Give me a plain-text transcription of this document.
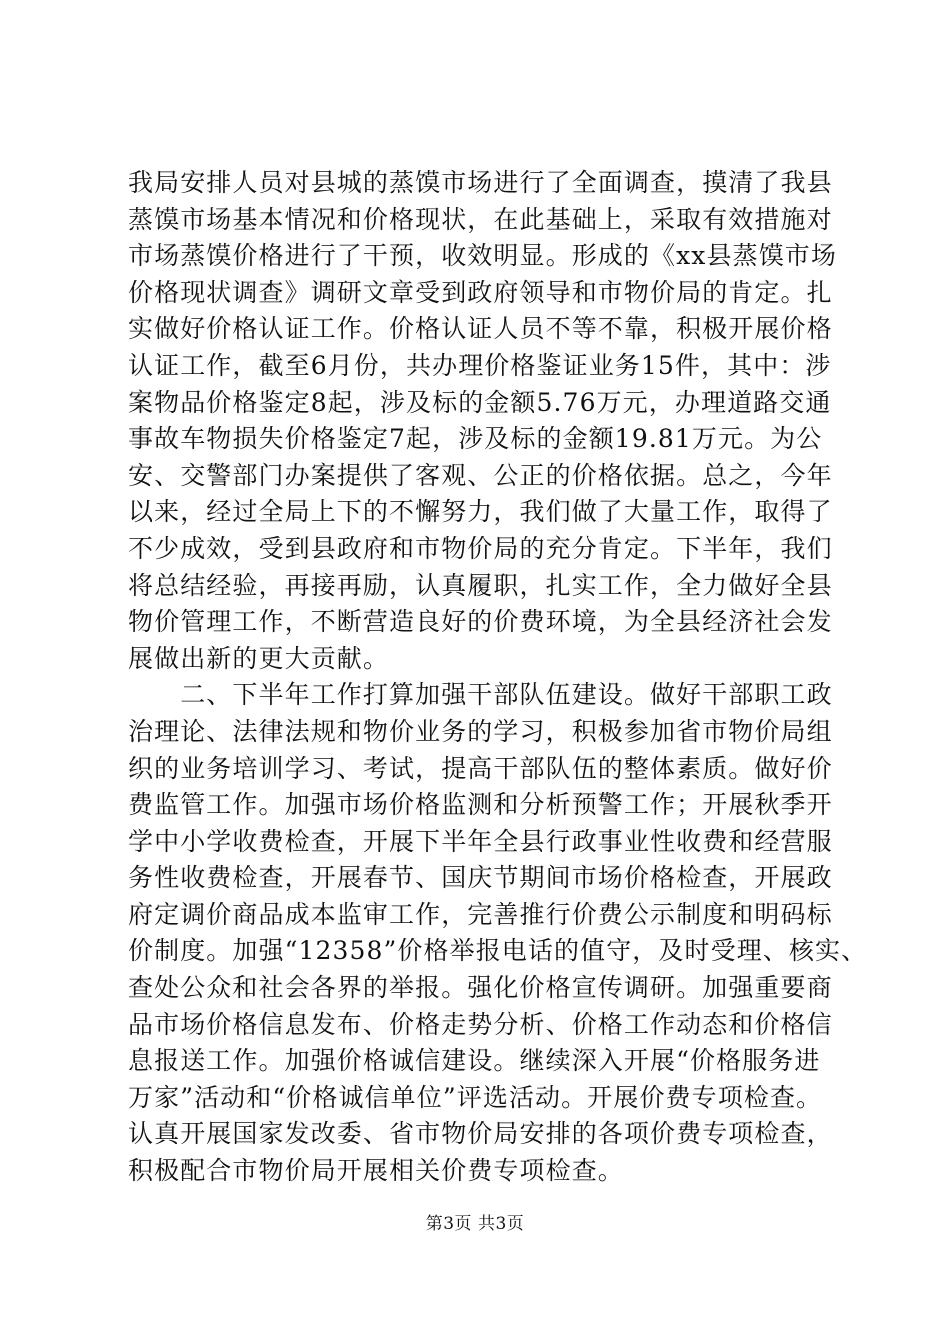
我局安排人员对县城的蒸馍市场进行了全面调查，摸清了我县
蒸馍市场基本情况和价格现状，在此基础上，采取有效措施对
市场蒸馍价格进行了干预，收效明显。形成的《xx县蒸馍市场
价格现状调查》调研文章受到政府领导和市物价局的肯定。扎
实做好价格认证工作。价格认证人员不等不靠，积极开展价格
认证工作，截至6月份，共办理价格鉴证业务15件，其中：涉
案物品价格鉴定8起，涉及标的金额5.76万元，办理道路交通
事故车物损失价格鉴定7起，涉及标的金额19.81万元。为公
安、交警部门办案提供了客观、公正的价格依据。总之，今年
以来，经过全局上下的不懈努力，我们做了大量工作，取得了
不少成效，受到县政府和市物价局的充分肯定。下半年，我们
将总结经验，再接再励，认真履职，扎实工作，全力做好全县
物价管理工作，不断营造良好的价费环境，为全县经济社会发
展做出新的更大贡献。
　　二、下半年工作打算加强干部队伍建设。做好干部职工政
治理论、法律法规和物价业务的学习，积极参加省市物价局组
织的业务培训学习、考试，提高干部队伍的整体素质。做好价
费监管工作。加强市场价格监测和分析预警工作；开展秋季开
学中小学收费检查，开展下半年全县行政事业性收费和经营服
务性收费检查，开展春节、国庆节期间市场价格检查，开展政
府定调价商品成本监审工作，完善推行价费公示制度和明码标
价制度。加强“12358”价格举报电话的值守，及时受理、核实、
查处公众和社会各界的举报。强化价格宣传调研。加强重要商
品市场价格信息发布、价格走势分析、价格工作动态和价格信
息报送工作。加强价格诚信建设。继续深入开展“价格服务进
万家”活动和“价格诚信单位”评选活动。开展价费专项检查。
认真开展国家发改委、省市物价局安排的各项价费专项检查，
积极配合市物价局开展相关价费专项检查。
第3页 共3页
